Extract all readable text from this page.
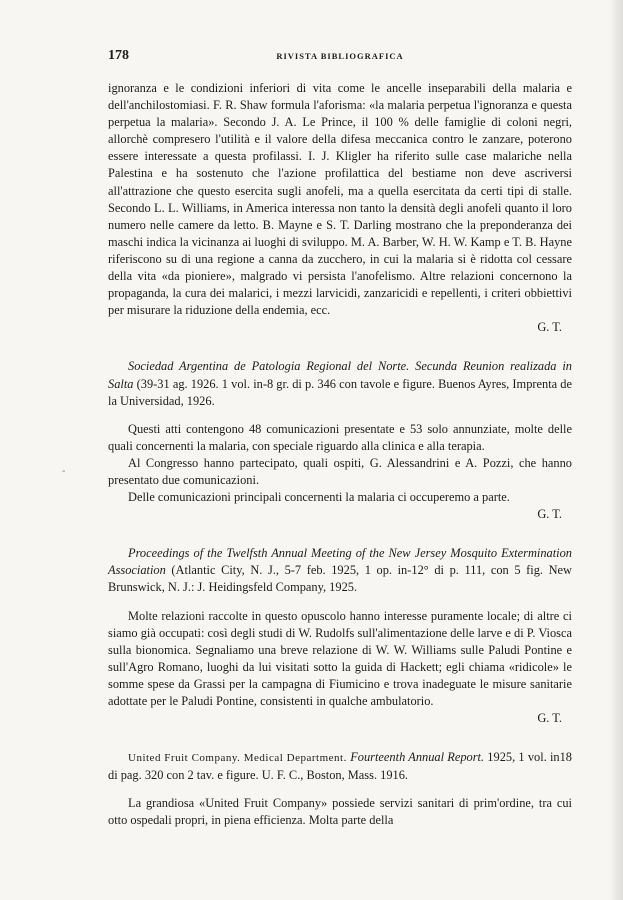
178	RIVISTA BIBLIOGRAFICA
-

ignoranza e le condizioni inferiori di vita come le ancelle inseparabili della malaria e dell'anchilostomiasi. F. R. Shaw formula l'aforisma: «la malaria perpetua l'ignoranza e questa perpetua la malaria». Secondo J. A. Le Prince, il 100 % delle famiglie di coloni negri, allorchè compresero l'utilità e il valore della difesa meccanica contro le zanzare, poterono essere interessate a questa profilassi. I. J. Kligler ha riferito sulle case malariche nella Palestina e ha sostenuto che l'azione profilattica del bestiame non deve ascriversi all'attrazione che questo esercita sugli anofeli, ma a quella esercitata da certi tipi di stalle. Secondo L. L. Williams, in America interessa non tanto la densità degli anofeli quanto il loro numero nelle camere da letto. B. Mayne e S. T. Darling mostrano che la preponderanza dei maschi indica la vicinanza ai luoghi di sviluppo. M. A. Barber, W. H. W. Kamp e T. B. Hayne riferiscono su di una regione a canna da zucchero, in cui la malaria si è ridotta col cessare della vita «da pioniere», malgrado vi persista l'anofelismo. Altre relazioni concernono la propaganda, la cura dei malarici, i mezzi larvicidi, zanzaricidi e repellenti, i criteri obbiettivi per misurare la riduzione della endemia, ecc.

G. T.

Sociedad Argentina de Patologia Regional del Norte. Secunda Reunion realizada in Salta (39-31 ag. 1926. 1 vol. in-8 gr. di p. 346 con tavole e figure. Buenos Ayres, Imprenta de la Universidad, 1926.

Questi atti contengono 48 comunicazioni presentate e 53 solo annunziate, molte delle quali concernenti la malaria, con speciale riguardo alla clinica e alla terapia.

Al Congresso hanno partecipato, quali ospiti, G. Alessandrini e A. Pozzi, che hanno presentato due comunicazioni.

Delle comunicazioni principali concernenti la malaria ci occuperemo a parte.

G. T.

Proceedings of the Twelfsth Annual Meeting of the New Jersey Mosquito Extermination Association (Atlantic City, N. J., 5-7 feb. 1925, 1 op. in-12° di p. 111, con 5 fig. New Brunswick, N. J.: J. Heidingsfeld Company, 1925.

Molte relazioni raccolte in questo opuscolo hanno interesse puramente locale; di altre ci siamo già occupati: così degli studi di W. Rudolfs sull'alimentazione delle larve e di P. Viosca sulla bionomica. Segnaliamo una breve relazione di W. W. Williams sulle Paludi Pontine e sull'Agro Romano, luoghi da lui visitati sotto la guida di Hackett; egli chiama «ridicole» le somme spese da Grassi per la campagna di Fiumicino e trova inadeguate le misure sanitarie adottate per le Paludi Pontine, consistenti in qualche ambulatorio.

G. T.

United Fruit Company. Medical Department. Fourteenth Annual Report. 1925, 1 vol. in18 di pag. 320 con 2 tav. e figure. U. F. C., Boston, Mass. 1916.

La grandiosa «United Fruit Company» possiede servizi sanitari di prim'ordine, tra cui otto ospedali propri, in piena efficienza. Molta parte della
